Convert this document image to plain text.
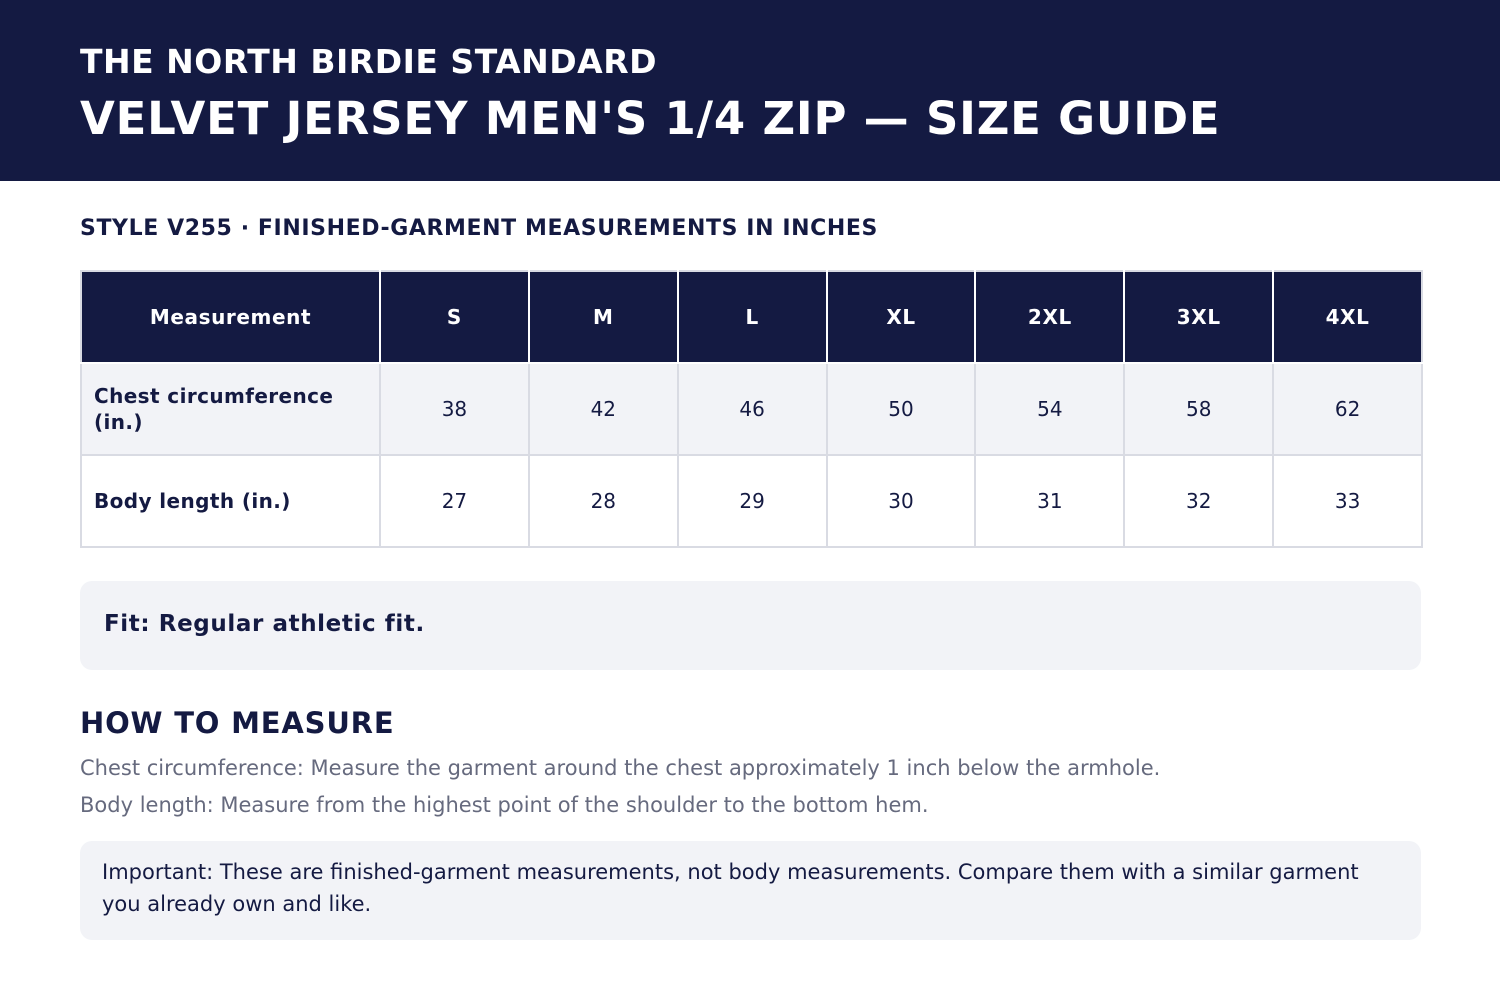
THE NORTH BIRDIE STANDARD
VELVET JERSEY MEN'S 1/4 ZIP — SIZE GUIDE
STYLE V255 · FINISHED-GARMENT MEASUREMENTS IN INCHES
Measurement	S	M	L	XL	2XL	3XL	4XL
Chest circumference (in.)	38	42	46	50	54	58	62
Body length (in.)	27	28	29	30	31	32	33
Fit: Regular athletic fit.
HOW TO MEASURE
Chest circumference: Measure the garment around the chest approximately 1 inch below the armhole.
Body length: Measure from the highest point of the shoulder to the bottom hem.
Important: These are finished-garment measurements, not body measurements. Compare them with a similar garment you already own and like.
